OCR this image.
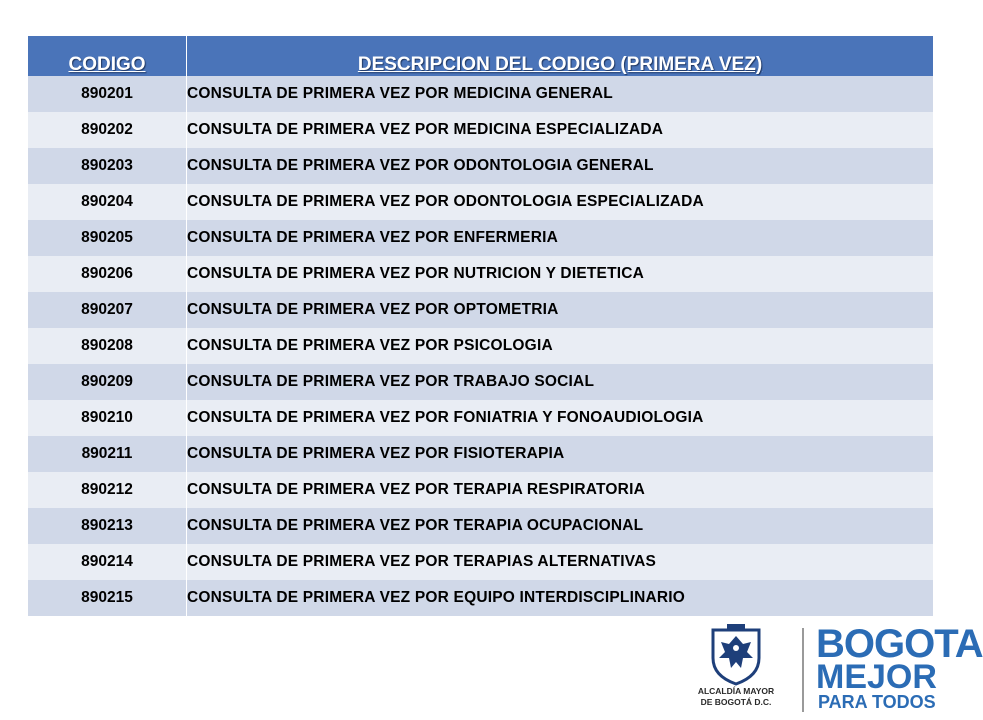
CODIGO	DESCRIPCION DEL CODIGO (PRIMERA VEZ)
890201	CONSULTA DE PRIMERA VEZ POR MEDICINA GENERAL
890202	CONSULTA DE PRIMERA VEZ POR MEDICINA ESPECIALIZADA
890203	CONSULTA DE PRIMERA VEZ POR ODONTOLOGIA GENERAL
890204	CONSULTA DE PRIMERA VEZ POR ODONTOLOGIA ESPECIALIZADA
890205	CONSULTA DE PRIMERA VEZ POR ENFERMERIA
890206	CONSULTA DE PRIMERA VEZ POR NUTRICION Y DIETETICA
890207	CONSULTA DE PRIMERA VEZ POR OPTOMETRIA
890208	CONSULTA DE PRIMERA VEZ POR PSICOLOGIA
890209	CONSULTA DE PRIMERA VEZ POR TRABAJO SOCIAL
890210	CONSULTA DE PRIMERA VEZ POR FONIATRIA Y FONOAUDIOLOGIA
890211	CONSULTA DE PRIMERA VEZ POR FISIOTERAPIA
890212	CONSULTA DE PRIMERA VEZ POR TERAPIA RESPIRATORIA
890213	CONSULTA DE PRIMERA VEZ POR TERAPIA OCUPACIONAL
890214	CONSULTA DE PRIMERA VEZ POR TERAPIAS ALTERNATIVAS
890215	CONSULTA DE PRIMERA VEZ POR EQUIPO INTERDISCIPLINARIO
ALCALDÍA MAYOR
DE BOGOTÁ D.C.
BOGOTA
MEJOR
PARA TODOS
